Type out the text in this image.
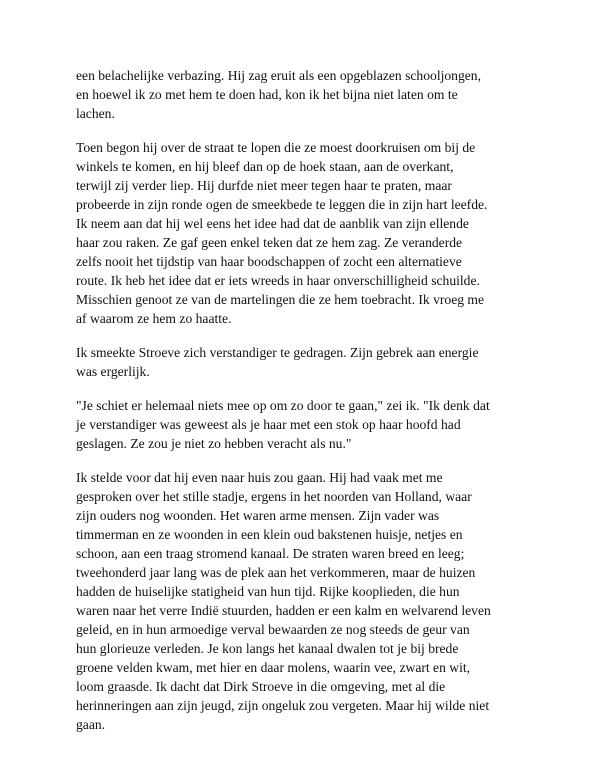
een belachelijke verbazing. Hij zag eruit als een opgeblazen schooljongen,
en hoewel ik zo met hem te doen had, kon ik het bijna niet laten om te
lachen.

Toen begon hij over de straat te lopen die ze moest doorkruisen om bij de
winkels te komen, en hij bleef dan op de hoek staan, aan de overkant,
terwijl zij verder liep. Hij durfde niet meer tegen haar te praten, maar
probeerde in zijn ronde ogen de smeekbede te leggen die in zijn hart leefde.
Ik neem aan dat hij wel eens het idee had dat de aanblik van zijn ellende
haar zou raken. Ze gaf geen enkel teken dat ze hem zag. Ze veranderde
zelfs nooit het tijdstip van haar boodschappen of zocht een alternatieve
route. Ik heb het idee dat er iets wreeds in haar onverschilligheid schuilde.
Misschien genoot ze van de martelingen die ze hem toebracht. Ik vroeg me
af waarom ze hem zo haatte.

Ik smeekte Stroeve zich verstandiger te gedragen. Zijn gebrek aan energie
was ergerlijk.

"Je schiet er helemaal niets mee op om zo door te gaan," zei ik. "Ik denk dat
je verstandiger was geweest als je haar met een stok op haar hoofd had
geslagen. Ze zou je niet zo hebben veracht als nu."

Ik stelde voor dat hij even naar huis zou gaan. Hij had vaak met me
gesproken over het stille stadje, ergens in het noorden van Holland, waar
zijn ouders nog woonden. Het waren arme mensen. Zijn vader was
timmerman en ze woonden in een klein oud bakstenen huisje, netjes en
schoon, aan een traag stromend kanaal. De straten waren breed en leeg;
tweehonderd jaar lang was de plek aan het verkommeren, maar de huizen
hadden de huiselijke statigheid van hun tijd. Rijke kooplieden, die hun
waren naar het verre Indië stuurden, hadden er een kalm en welvarend leven
geleid, en in hun armoedige verval bewaarden ze nog steeds de geur van
hun glorieuze verleden. Je kon langs het kanaal dwalen tot je bij brede
groene velden kwam, met hier en daar molens, waarin vee, zwart en wit,
loom graasde. Ik dacht dat Dirk Stroeve in die omgeving, met al die
herinneringen aan zijn jeugd, zijn ongeluk zou vergeten. Maar hij wilde niet
gaan.
